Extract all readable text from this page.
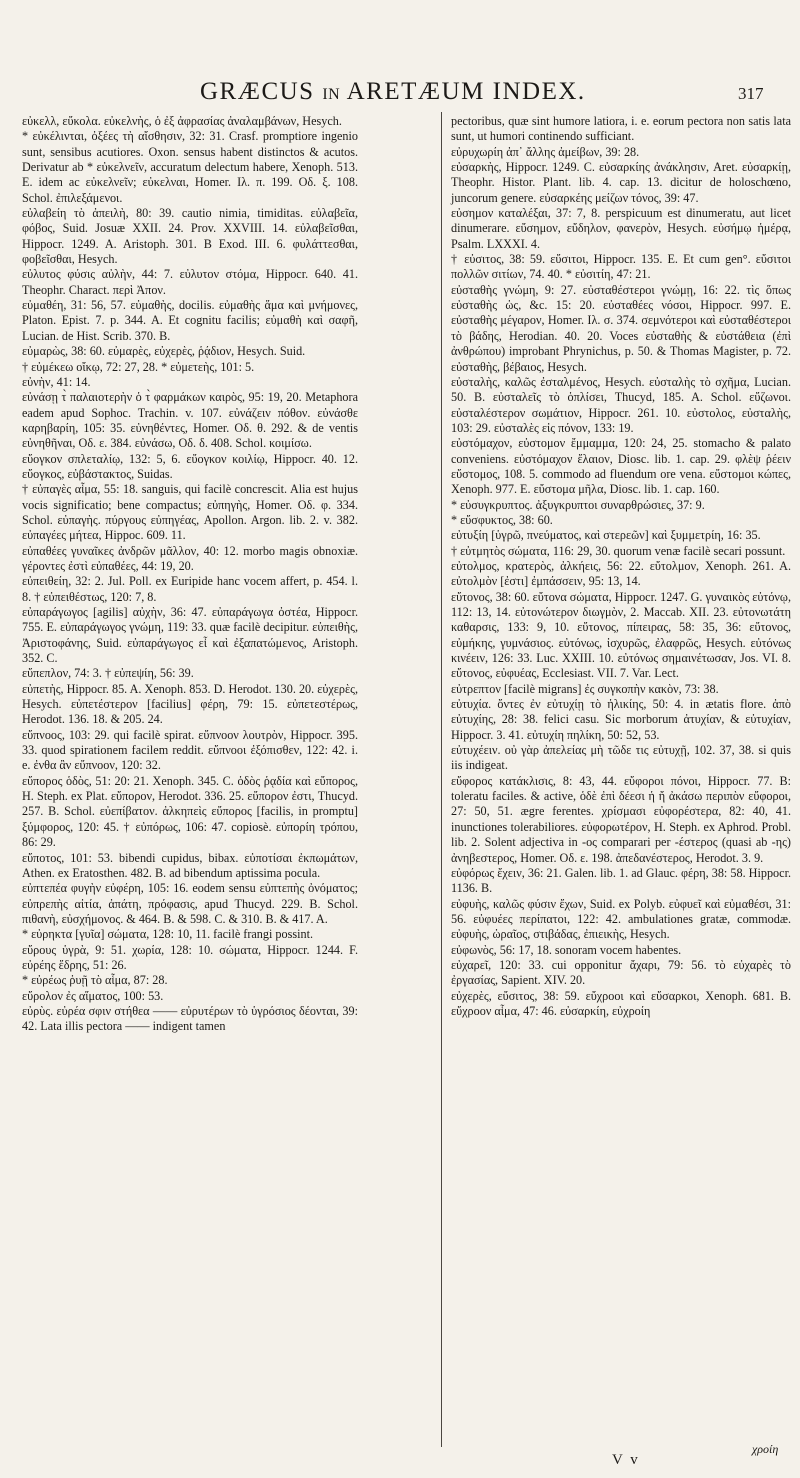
GRÆCUS IN ARETÆUM INDEX.	317

εὐκελλ, εὔκολα. εὐκελνὴς, ὁ ἐξ ἀφρασίας ἀναλαμβάνων, Hesych.

* εὐκέλινται, ὀξέες τὴ αἴσθησιν, 32: 31. Crasf. promptiore ingenio sunt, sensibus acutiores. Oxon. sensus habent distinctos & acutos. Derivatur ab * εὐκελνεῖν, accuratum delectum habere, Xenoph. 513. E. idem ac εὐκελνεῖν; εὐκελναι, Homer. Ιλ. π. 199. Οδ. ξ. 108. Schol. ἐπιλεξάμενοι.

εὐλαβείη τὸ ἀπειλὴ, 80: 39. cautio nimia, timiditas. εὐλαβεῖα, φόβος, Suid. Josuæ XXII. 24. Prov. XXVIII. 14. εὐλαβεῖσθαι, Hippocr. 1249. A. Aristoph. 301. B Exod. III. 6. φυλάττεσθαι, φοβεῖσθαι, Hesych.

εὐλυτος φύσις αὐλὴν, 44: 7. εὐλυτον στόμα, Hippocr. 640. 41. Theophr. Charact. περὶ Ἀπον.

εὐμαθέη, 31: 56, 57. εὐμαθὴς, docilis. εὐμαθὴς ἅμα καὶ μνήμονες, Platon. Epist. 7. p. 344. A. Et cognitu facilis; εὐμαθὴ καὶ σαφῆ, Lucian. de Hist. Scrib. 370. B.

εὐμαρὼς, 38: 60. εὐμαρὲς, εὐχερὲς, ῥᾴδιον, Hesych. Suid.

† εὐμέκεω οἴκῳ, 72: 27, 28. * εὐμετεὴς, 101: 5.

εὐνὴν, 41: 14.

εὐνάσῃ τ̀ παλαιοτερὴν ὁ τ̀ φαρμάκων καιρὸς, 95: 19, 20. Metaphora eadem apud Sophoc. Trachin. v. 107. εὐνάζειν πόθον. εὐνάσθε καρηβαρίη, 105: 35. εὐνηθέντες, Homer. Οδ. θ. 292. & de ventis εὐνηθῆναι, Οδ. ε. 384. εὐνάσω, Οδ. δ. 408. Schol. κοιμίσω.

εὔογκον σπλεταλίῳ, 132: 5, 6. εὔογκον κοιλίῳ, Hippocr. 40. 12. εὔογκος, εὐβάστακτος, Suidas.

† εὐπαγὲς αἷμα, 55: 18. sanguis, qui facilè concrescit. Alia est hujus vocis significatio; bene compactus; εὐπηγὴς, Homer. Οδ. φ. 334. Schol. εὐπαγὴς. πύργους εὐπηγέας, Apollon. Argon. lib. 2. v. 382. εὐπαγέες μήτεα, Hippoc. 609. 11.

εὐπαθέες γυναῖκες ἀνδρῶν μᾶλλον, 40: 12. morbo magis obnoxiæ. γέροντες ἐστὶ εὐπαθέες, 44: 19, 20.

εὐπειθείη, 32: 2. Jul. Poll. ex Euripide hanc vocem affert, p. 454. l. 8. † εὐπειθέστως, 120: 7, 8.

εὐπαράγωγος [agilis] αὐχὴν, 36: 47. εὐπαράγωγα ὀστέα, Hippocr. 755. E. εὐπαράγωγος γνώμη, 119: 33. quæ facilè decipitur. εὐπειθὴς, Ἀριστοφάνης, Suid. εὐπαράγωγος εἶ καὶ ἐξαπατώμενος, Aristoph. 352. C.

εὔπεπλον, 74: 3. † εὐπεψίη, 56: 39.

εὐπετὴς, Hippocr. 85. A. Xenoph. 853. D. Herodot. 130. 20. εὐχερὲς, Hesych. εὐπετέστερον [facilius] φέρη, 79: 15. εὐπετεστέρως, Herodot. 136. 18. & 205. 24.

εὔπνοος, 103: 29. qui facilè spirat. εὔπνοον λουτρὸν, Hippocr. 395. 33. quod spirationem facilem reddit. εὔπνοοι ἐξόπισθεν, 122: 42. i. e. ἐνθα ἂν εὔπνοον, 120: 32.

εὔπορος ὁδὸς, 51: 20: 21. Xenoph. 345. C. ὁδὸς ῥᾳδία καὶ εὔπορος, H. Steph. ex Plat. εὔπορον, Herodot. 336. 25. εὔπορον ἐστι, Thucyd. 257. B. Schol. εὐεπίβατον. ἀλκηπεὶς εὔπορος [facilis, in promptu] ξύμφορος, 120: 45. † εὐπόρως, 106: 47. copiosè. εὐπορίη τρόπου, 86: 29.

εὔποτος, 101: 53. bibendi cupidus, bibax. εὐποτίσαι ἐκπωμάτων, Athen. ex Eratosthen. 482. B. ad bibendum aptissima pocula.

εὐπτεπέα φυγὴν εὐφέρη, 105: 16. eodem sensu εὐπτεπὴς ὀνόματος; εὐπρεπὴς αἰτία, ἀπάτη, πρόφασις, apud Thucyd. 229. B. Schol. πιθανὴ, εὐσχήμονος. & 464. B. & 598. C. & 310. B. & 417. A.

* εὐρηκτα [γυῖα] σώματα, 128: 10, 11. facilè frangi possint.

εὔρους ὑγρὰ, 9: 51. χωρία, 128: 10. σώματα, Hippocr. 1244. F. εὐρέης ἕδρης, 51: 26.

* εὐρέως ῥυῇ τὸ αἷμα, 87: 28.

εὔρολον ἐς αἵματος, 100: 53.

εὐρὺς. εὐρέα σφιν στήθεα —— εὐρυτέρων τὸ ὑγρόσιος δέονται, 39: 42. Lata illis pectora —— indigent tamen

pectoribus, quæ sint humore latiora, i. e. eorum pectora non satis lata sunt, ut humori continendo sufficiant.

εὐρυχωρίη ἀπ᾽ ἄλλης ἀμείβων, 39: 28.

εὐσαρκὴς, Hippocr. 1249. C. εὐσαρκίης ἀνάκλησιν, Aret. εὐσαρκίῃ, Theophr. Histor. Plant. lib. 4. cap. 13. dicitur de holoschœno, juncorum genere. εὐσαρκέης μείζων τόνος, 39: 47.

εὐσημον καταλέξαι, 37: 7, 8. perspicuum est dinumeratu, aut licet dinumerare. εὔσημον, εὔδηλον, φανερὸν, Hesych. εὐσήμῳ ἡμέρᾳ, Psalm. LXXXI. 4.

† εὐσιτος, 38: 59. εὔσιτοι, Hippocr. 135. E. Et cum gen°. εὔσιτοι πολλῶν σιτίων, 74. 40. * εὐσιτίη, 47: 21.

εὐσταθὴς γνώμη, 9: 27. εὐσταθέστεροι γνώμῃ, 16: 22. τὶς ὅπως εὐσταθὴς ὡς, &c. 15: 20. εὐσταθέες νόσοι, Hippocr. 997. E. εὐσταθὴς μέγαρον, Homer. Ιλ. σ. 374. σεμνότεροι καὶ εὐσταθέστεροι τὸ βάδης, Herodian. 40. 20. Voces εὐσταθὴς & εὐστάθεια (ἐπὶ ἀνθρώπου) improbant Phrynichus, p. 50. & Thomas Magister, p. 72. εὐσταθὴς, βέβαιος, Hesych.

εὐσταλὴς, καλῶς ἐσταλμένος, Hesych. εὐσταλὴς τὸ σχῆμα, Lucian. 50. B. εὐσταλεῖς τὸ ὁπλίσει, Thucyd, 185. A. Schol. εὔζωνοι. εὐσταλέστερον σωμάτιον, Hippocr. 261. 10. εὐστολος, εὐσταλὴς, 103: 29. εὐσταλὲς εἰς πόνον, 133: 19.

εὐστόμαχον, εὐστομον ἔμμαμμα, 120: 24, 25. stomacho & palato conveniens. εὐστόμαχον ἔλαιον, Diosc. lib. 1. cap. 29. φλὲψ ῥέειν εὔστομος, 108. 5. commodo ad fluendum ore vena. εὔστομοι κώπες, Xenoph. 977. E. εὔστομα μῆλα, Diosc. lib. 1. cap. 160.

* εὐσυγκρυπτος. ἀξυγκρυπτοι συναρθρώσιες, 37: 9.

* εὔσφυκτος, 38: 60.

εὐτυξίη [ὑγρῶ, πνεύματος, καὶ στερεῶν] καὶ ξυμμετρίη, 16: 35.

† εὐτμητὸς σώματα, 116: 29, 30. quorum venæ facilè secari possunt.

εὐτολμος, κρατερὸς, ἀλκήεις, 56: 22. εὔτολμον, Xenoph. 261. A. εὐτολμὸν [ἐστι] ἐμπάσσειν, 95: 13, 14.

εὔτονος, 38: 60. εὔτονα σώματα, Hippocr. 1247. G. γυναικὸς εὐτόνῳ, 112: 13, 14. εὐτονώτερον διωγμὸν, 2. Maccab. XII. 23. εὐτονωτάτη καθαρσις, 133: 9, 10. εὔτονος, πίπειρας, 58: 35, 36: εὔτονος, εὐμήκης, γυμνάσιος. εὐτόνως, ἰσχυρῶς, ἐλαφρῶς, Hesych. εὐτόνως κινέειν, 126: 33. Luc. XXIII. 10. εὐτόνως σημαινέτωσαν, Jos. VI. 8. εὔτονος, εὐφυέας, Ecclesiast. VII. 7. Var. Lect.

εὐτρεπτον [facilè migrans] ἐς συγκοπὴν κακὸν, 73: 38.

εὐτυχία. ὄντες ἐν εὐτυχίῃ τὸ ἡλικίης, 50: 4. in ætatis flore. ἀπὸ εὐτυχίης, 28: 38. felici casu. Sic morborum ἀτυχίαν, & εὐτυχίαν, Hippocr. 3. 41. εὐτυχίη πηλίκη, 50: 52, 53.

εὐτυχέειν. οὐ γὰρ ἀπελείας μὴ τῶδε τις εὐτυχῇ, 102. 37, 38. si quis iis indigeat.

εὔφορος κατάκλισις, 8: 43, 44. εὔφοροι πόνοι, Hippocr. 77. B: toleratu faciles. & active, ὁδὲ ἐπὶ δέεσι ἡ ἤ ἀκάσω περιπὸν εὔφοροι, 27: 50, 51. ægre ferentes. χρίσμασι εὐφορέστερα, 82: 40, 41. inunctiones tolerabiliores. εὐφορωτέρον, H. Steph. ex Aphrod. Probl. lib. 2. Solent adjectiva in -ος comparari per -έστερος (quasi ab -ης) ἀνηβεστερος, Homer. Οδ. ε. 198. ἀπεδανέστερος, Herodot. 3. 9.

εὐφόρως ἔχειν, 36: 21. Galen. lib. 1. ad Glauc. φέρη, 38: 58. Hippocr. 1136. B.

εὐφυὴς, καλῶς φύσιν ἔχων, Suid. ex Polyb. εὐφυεῖ καὶ εὐμαθέσι, 31: 56. εὐφυέες περίπατοι, 122: 42. ambulationes gratæ, commodæ. εὐφυὴς, ὡραῖος, στιβάδας, ἐπιεικὴς, Hesych.

εὐφωνὸς, 56: 17, 18. sonoram vocem habentes.

εὐχαρεῖ, 120: 33. cui opponitur ἄχαρι, 79: 56. τὸ εὐχαρὲς τὸ ἐργασίας, Sapient. XIV. 20.

εὐχερὲς, εὔσιτος, 38: 59. εὔχροοι καὶ εὔσαρκοι, Xenoph. 681. B. εὔχροον αἷμα, 47: 46. εὐσαρκίη, εὐχροίη

V v
χροίη
